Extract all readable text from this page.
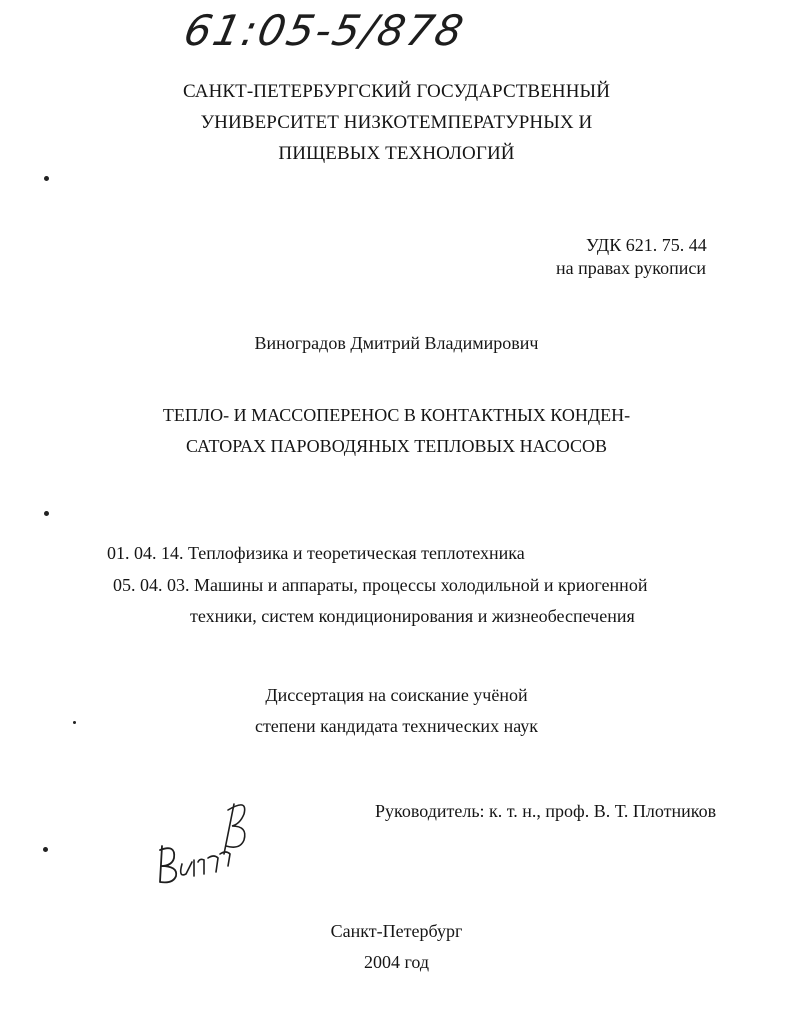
61:05-5/878
САНКТ-ПЕТЕРБУРГСКИЙ ГОСУДАРСТВЕННЫЙ
УНИВЕРСИТЕТ НИЗКОТЕМПЕРАТУРНЫХ И
ПИЩЕВЫХ ТЕХНОЛОГИЙ
УДК 621. 75. 44
на правах рукописи
Виноградов Дмитрий Владимирович
ТЕПЛО- И МАССОПЕРЕНОС В КОНТАКТНЫХ КОНДЕН-
САТОРАХ ПАРОВОДЯНЫХ ТЕПЛОВЫХ НАСОСОВ
01. 04. 14. Теплофизика и теоретическая теплотехника
05. 04. 03. Машины и аппараты, процессы холодильной и криогенной
техники, систем кондиционирования и жизнеобеспечения
Диссертация на соискание учёной
степени кандидата технических наук
Руководитель: к. т. н., проф. В. Т. Плотников
Санкт-Петербург
2004 год
